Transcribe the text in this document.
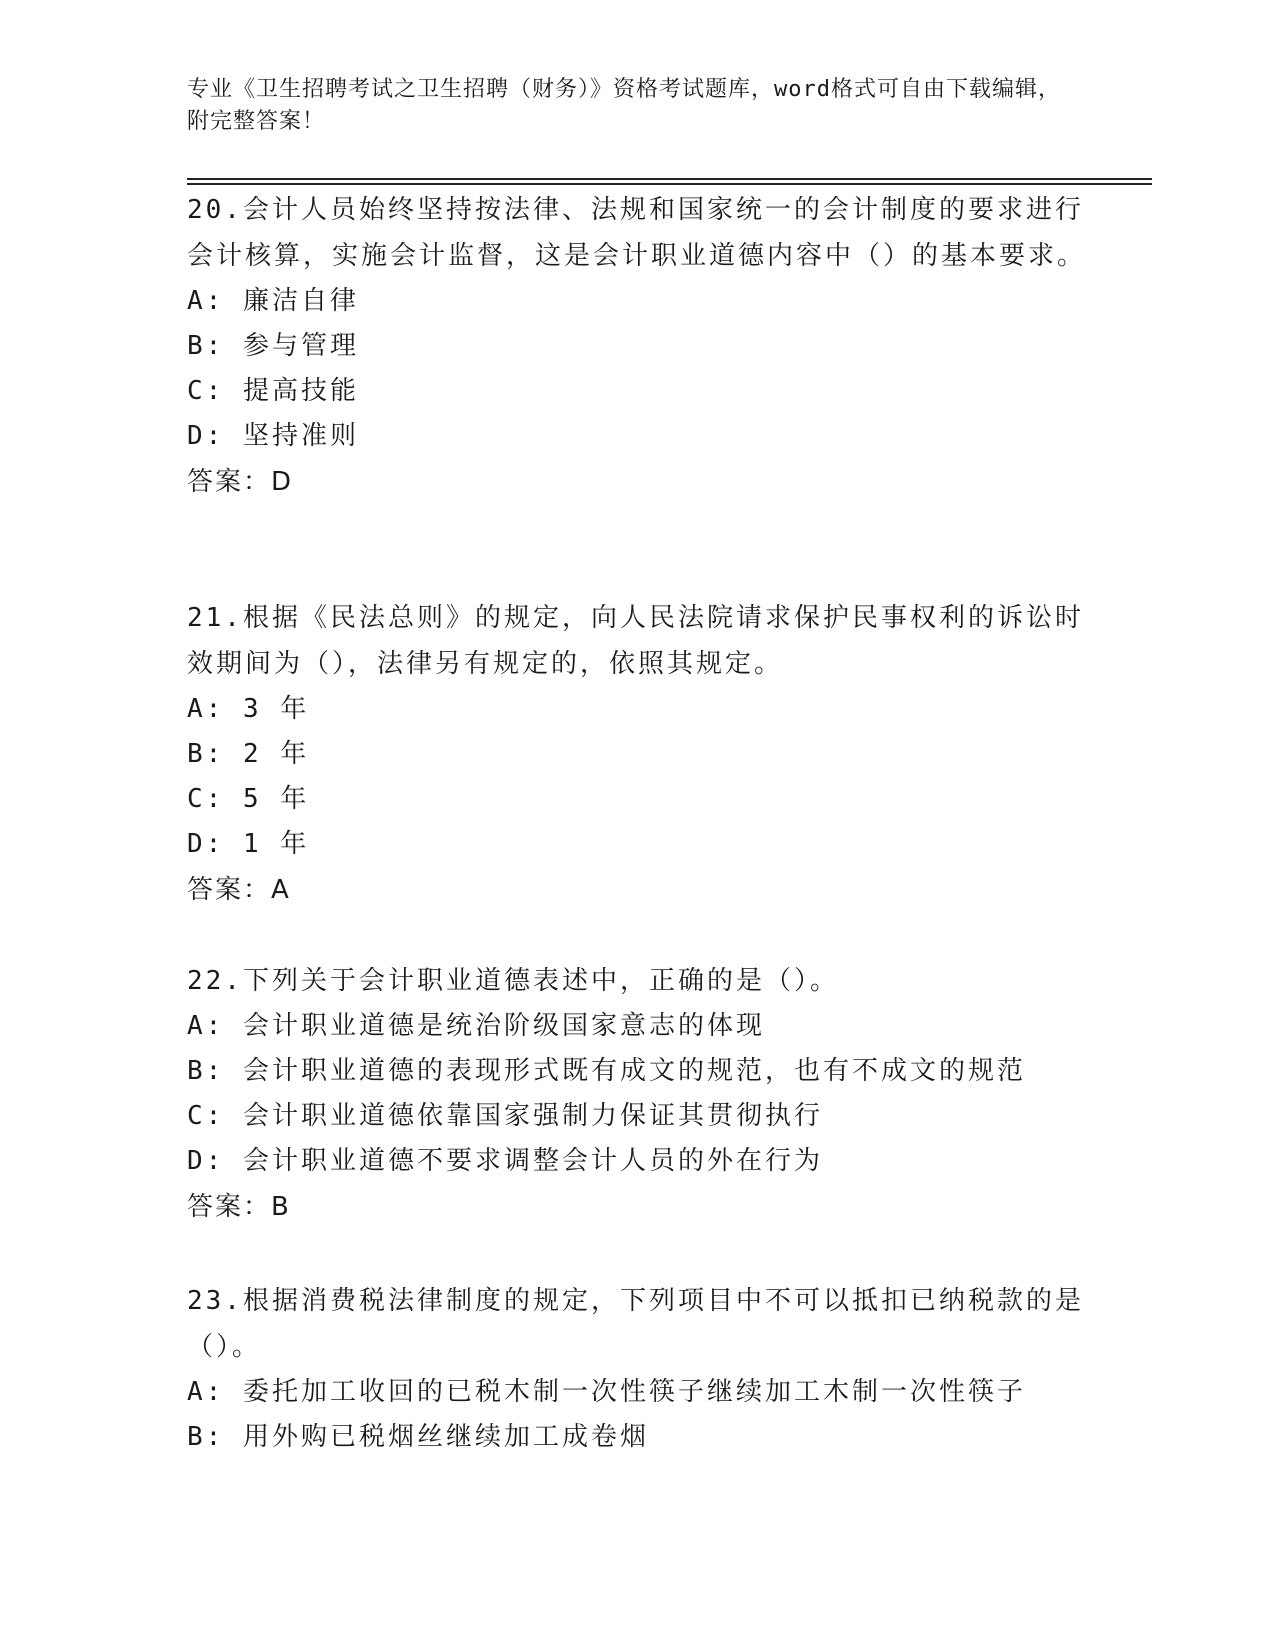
专业《卫生招聘考试之卫生招聘（财务）》资格考试题库，word格式可自由下载编辑，附完整答案！

20.会计人员始终坚持按法律、法规和国家统一的会计制度的要求进行会计核算，实施会计监督，这是会计职业道德内容中（）的基本要求。

A: 廉洁自律

B: 参与管理

C: 提高技能

D: 坚持准则

答案：D

21.根据《民法总则》的规定，向人民法院请求保护民事权利的诉讼时效期间为（），法律另有规定的，依照其规定。

A: 3 年

B: 2 年

C: 5 年

D: 1 年

答案：A

22.下列关于会计职业道德表述中，正确的是（）。

A: 会计职业道德是统治阶级国家意志的体现

B: 会计职业道德的表现形式既有成文的规范，也有不成文的规范

C: 会计职业道德依靠国家强制力保证其贯彻执行

D: 会计职业道德不要求调整会计人员的外在行为

答案：B

23.根据消费税法律制度的规定，下列项目中不可以抵扣已纳税款的是（）。

A: 委托加工收回的已税木制一次性筷子继续加工木制一次性筷子

B: 用外购已税烟丝继续加工成卷烟
